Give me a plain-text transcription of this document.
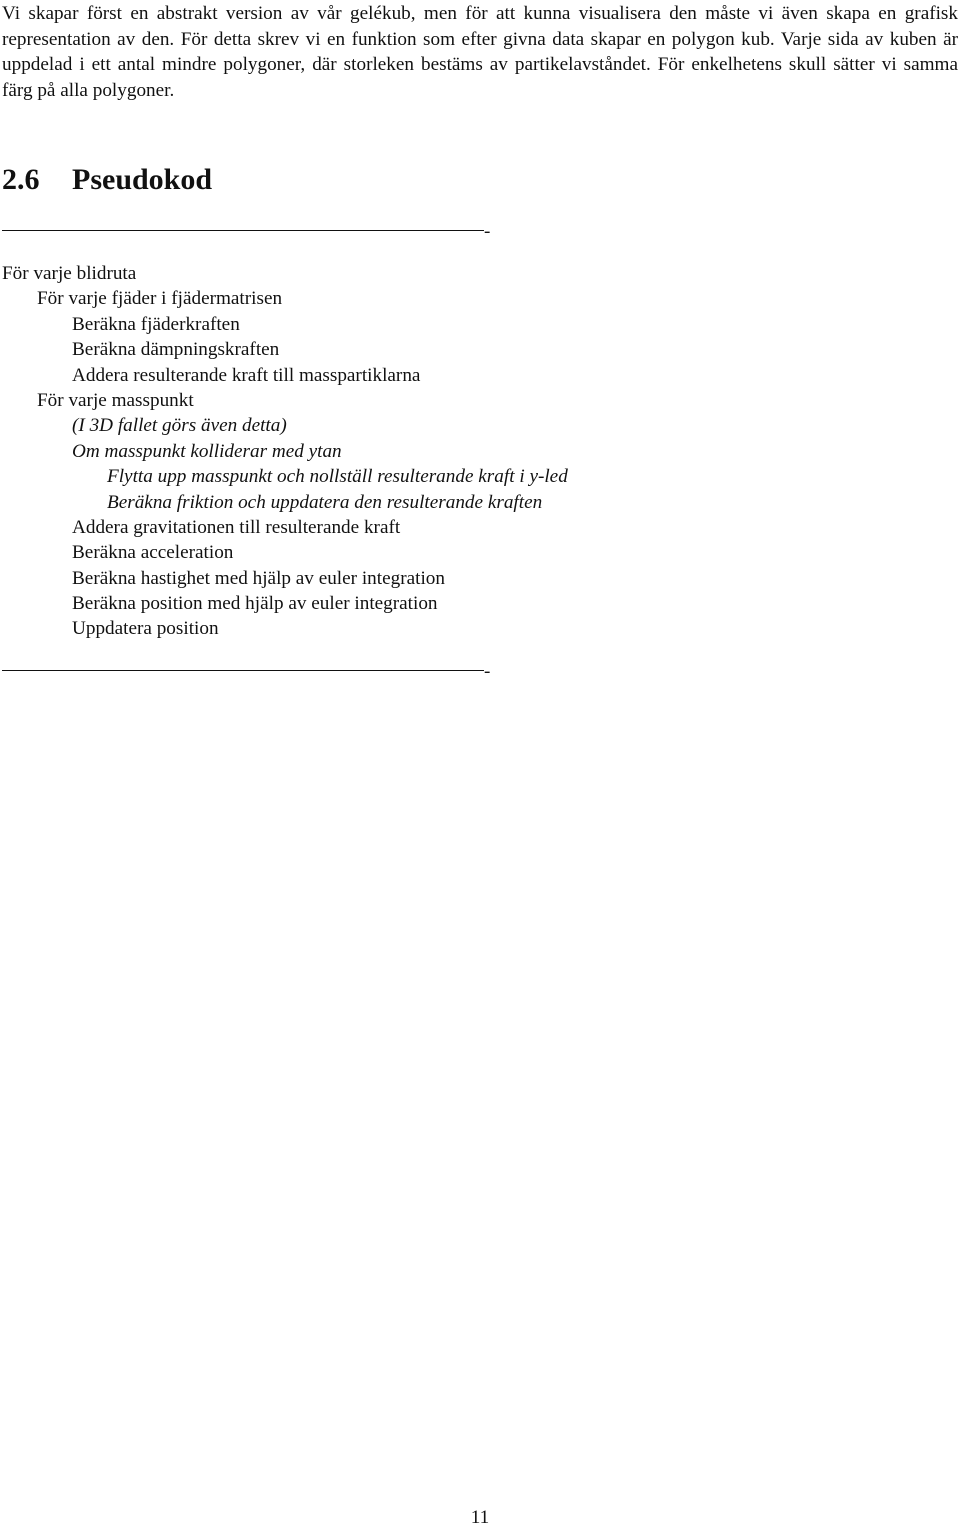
Vi skapar först en abstrakt version av vår gelékub, men för att kunna visualisera den måste vi även skapa en grafisk representation av den. För detta skrev vi en funktion som efter givna data skapar en polygon kub. Varje sida av kuben är uppdelad i ett antal mindre polygoner, där storleken bestäms av partikelavståndet. För enkelhetens skull sätter vi samma färg på alla polygoner.

2.6 Pseudokod
-
För varje blidruta
För varje fjäder i fjädermatrisen
Beräkna fjäderkraften
Beräkna dämpningskraften
Addera resulterande kraft till masspartiklarna
För varje masspunkt
(I 3D fallet görs även detta)
Om masspunkt kolliderar med ytan
Flytta upp masspunkt och nollställ resulterande kraft i y-led
Beräkna friktion och uppdatera den resulterande kraften
Addera gravitationen till resulterande kraft
Beräkna acceleration
Beräkna hastighet med hjälp av euler integration
Beräkna position med hjälp av euler integration
Uppdatera position
-
11
